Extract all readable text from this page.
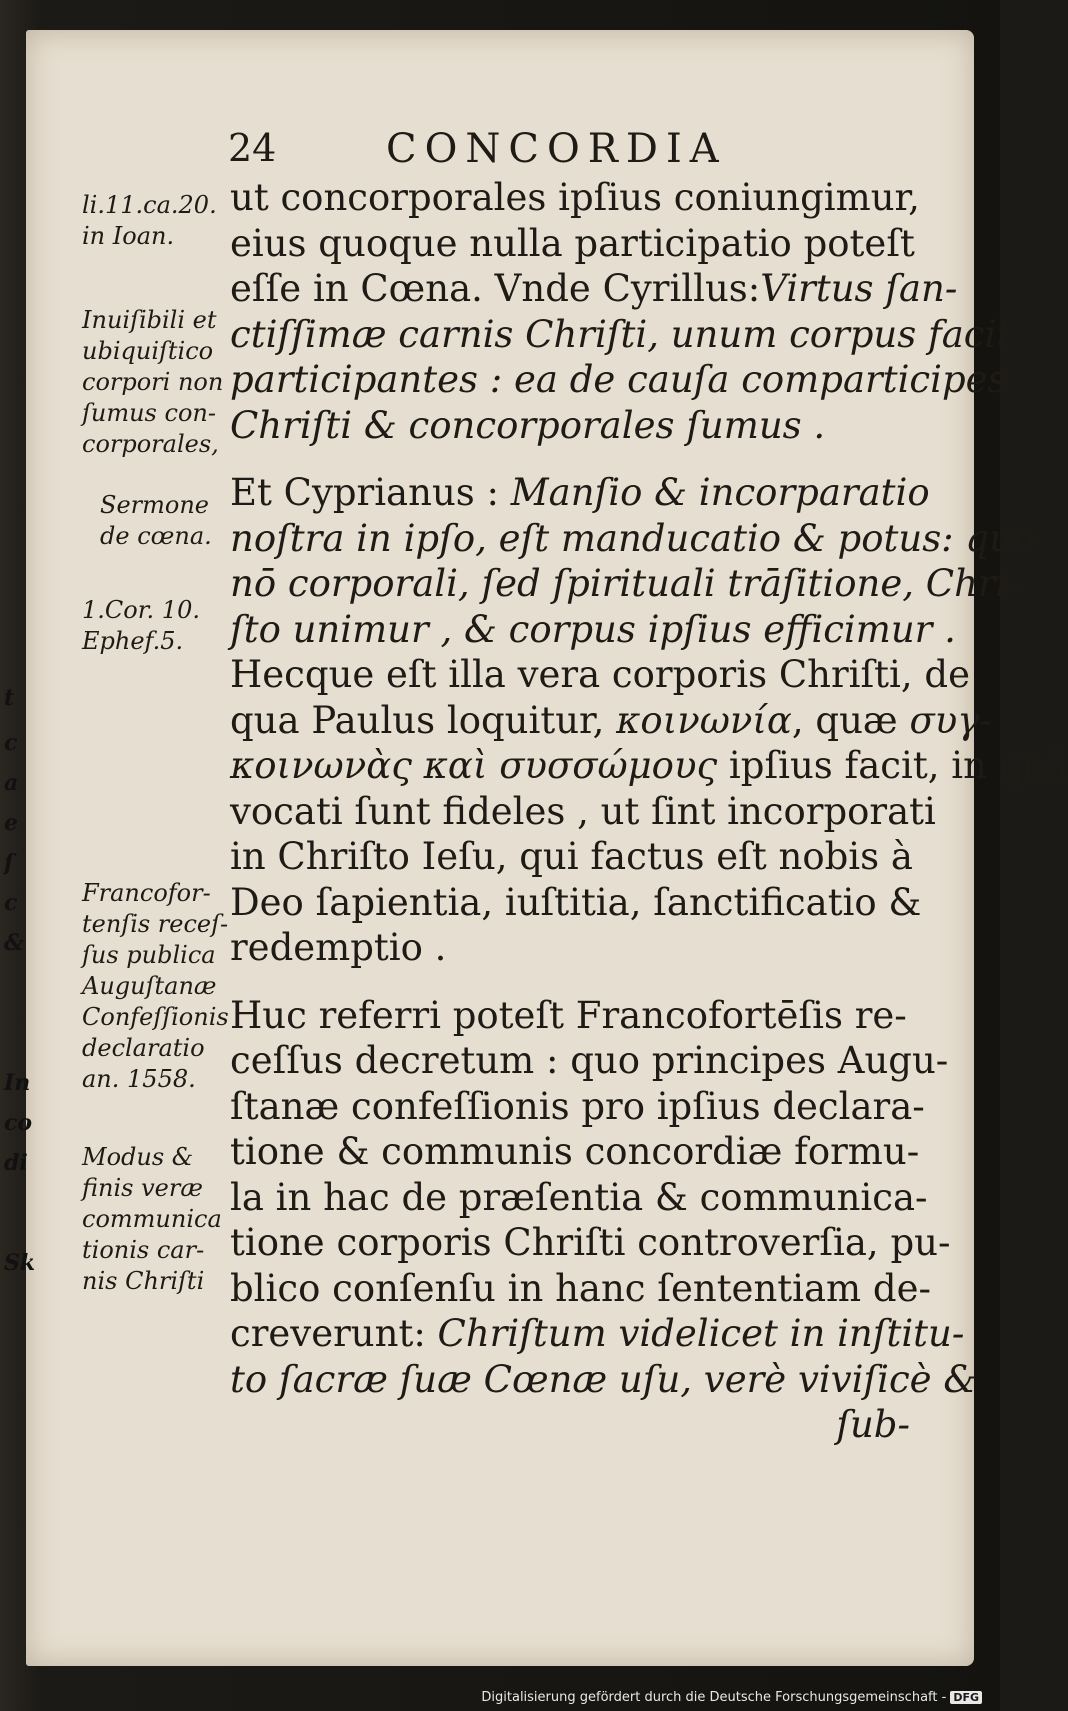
t
c
a
e
ſ
c
&
In
co
di
Sk
24	CONCORDIA
ut concorporales ipſius coniungimur,
eius quoque nulla participatio poteſt
eſſe in Cœna. Vnde Cyrillus:Virtus ſan-
ctiſſimæ carnis Chriſti, unum corpus facit
participantes : ea de cauſa comparticipes
Chriſti & concorporales ſumus .
Et Cyprianus : Manſio & incorparatio
noſtra in ipſo, eſt manducatio & potus: quo
nō corporali, ſed ſpirituali trāſitione, Chri-
ſto unimur , & corpus ipſius efficimur .
Hecque eſt illa vera corporis Chriſti, de
qua Paulus loquitur, κοινωνία, quæ συγ-
κοινωνὰς καὶ συσσώμους ipſius facit, in quā
vocati ſunt fideles , ut ſint incorporati
in Chriſto Ieſu, qui factus eſt nobis à
Deo ſapientia, iuſtitia, ſanctificatio &
redemptio .
Huc referri poteſt Francofortēſis re-
ceſſus decretum : quo principes Augu-
ſtanæ confeſſionis pro ipſius declara-
tione & communis concordiæ formu-
la in hac de præſentia & communica-
tione corporis Chriſti controverſia, pu-
blico conſenſu in hanc ſententiam de-
creverunt: Chriſtum videlicet in inſtitu-
to ſacræ ſuæ Cœnæ uſu, verè viviſicè &
ſub-
li.11.ca.20.
in Ioan.
Inuiſibili et
ubiquiſtico
corpori non
ſumus con-
corporales,
Sermone
de cœna.
1.Cor. 10.
Ephef.5.
Francofor-
tenſis receſ-
ſus publica
Auguſtanæ
Confeſſionis
declaratio
an. 1558.
Modus &
finis veræ
communica
tionis car-
nis Chriſti
Digitalisierung gefördert durch die Deutsche Forschungsgemeinschaft - DFG
